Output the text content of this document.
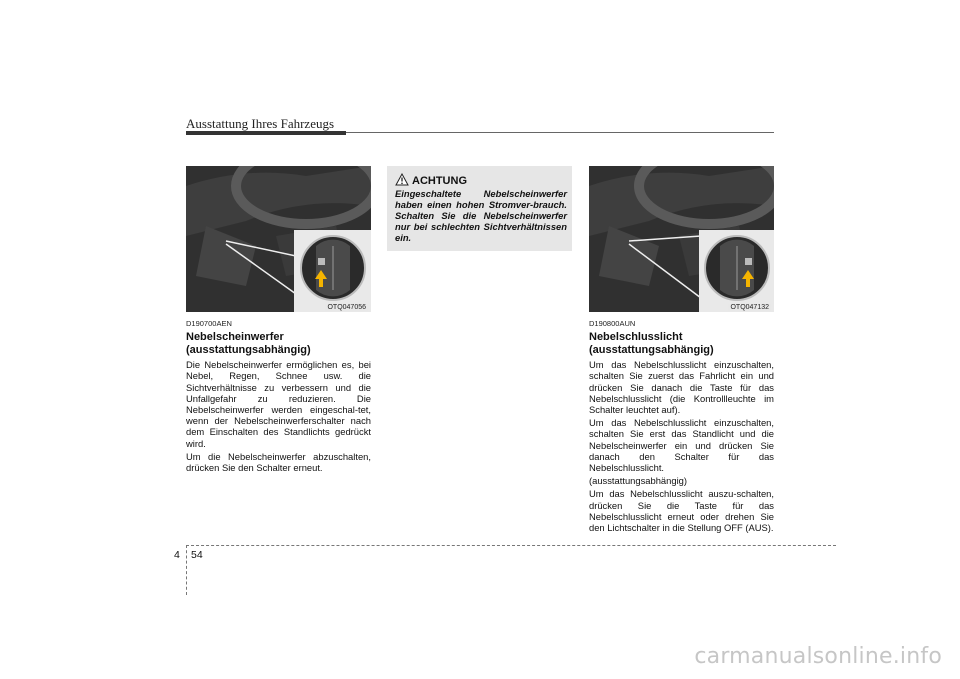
Ausstattung Ihres Fahrzeugs
OTQ047056

D190700AEN

Nebelscheinwerfer
(ausstattungsabhängig)

Die Nebelscheinwerfer ermöglichen es, bei Nebel, Regen, Schnee usw. die Sichtverhältnisse zu verbessern und die Unfallgefahr zu reduzieren. Die Nebelscheinwerfer werden eingeschal-tet, wenn der Nebelscheinwerferschalter nach dem Einschalten des Standlichts gedrückt wird.

Um die Nebelscheinwerfer abzuschalten, drücken Sie den Schalter erneut.

ACHTUNG
Eingeschaltete Nebelscheinwerfer haben einen hohen Stromver-brauch. Schalten Sie die Nebelscheinwerfer nur bei schlechten Sichtverhältnissen ein.
OTQ047132

D190800AUN

Nebelschlusslicht
(ausstattungsabhängig)

Um das Nebelschlusslicht einzuschalten, schalten Sie zuerst das Fahrlicht ein und drücken Sie danach die Taste für das Nebelschlusslicht (die Kontrollleuchte im Schalter leuchtet auf).

Um das Nebelschlusslicht einzuschalten, schalten Sie erst das Standlicht und die Nebelscheinwerfer ein und drücken Sie danach den Schalter für das Nebelschlusslicht.

(ausstattungsabhängig)

Um das Nebelschlusslicht auszu-schalten, drücken Sie die Taste für das Nebelschlusslicht erneut oder drehen Sie den Lichtschalter in die Stellung OFF (AUS).

4 54
carmanualsonline.info
